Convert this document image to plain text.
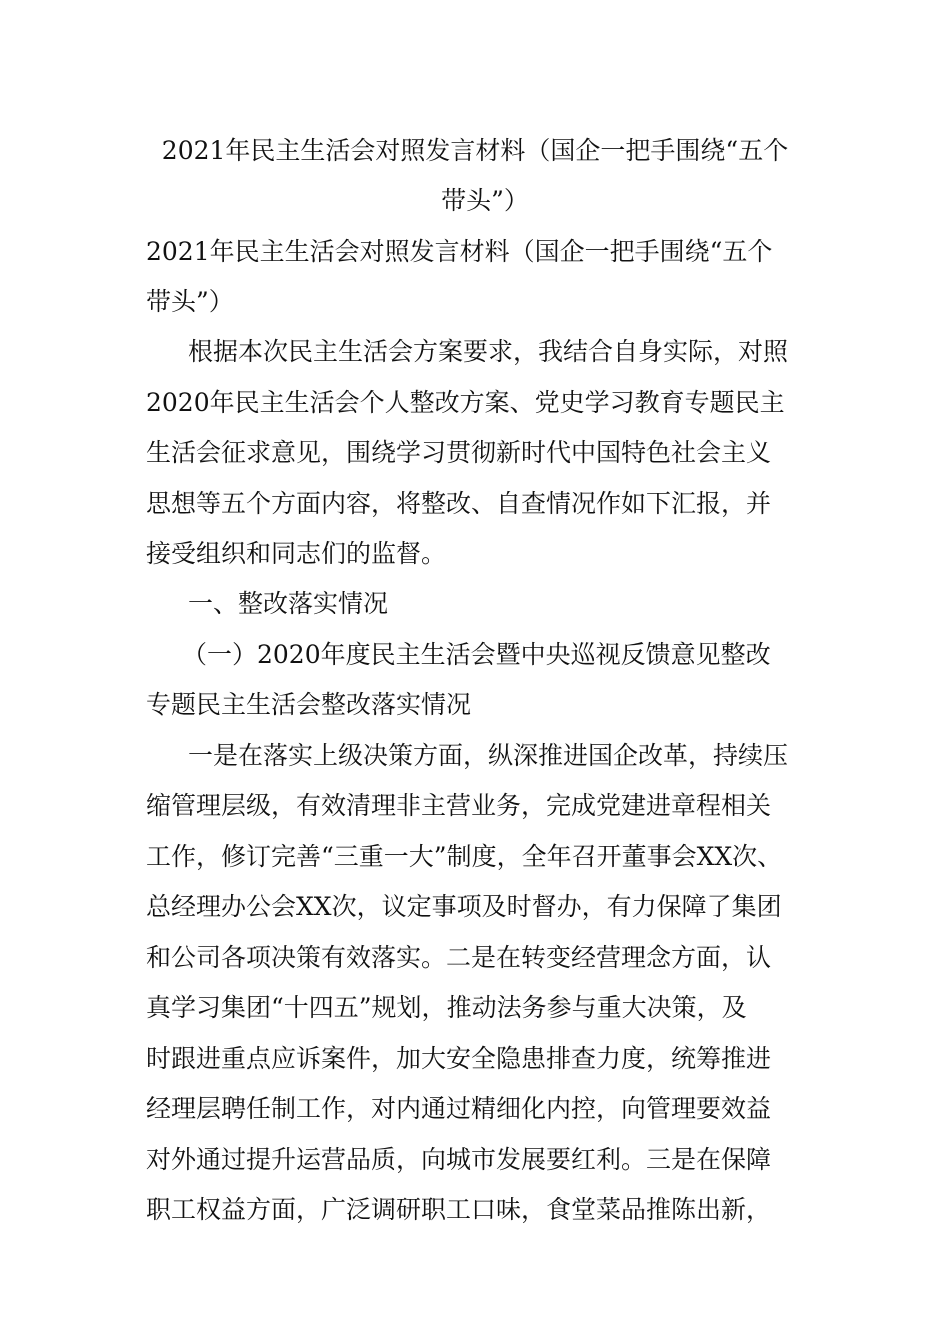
2021年民主生活会对照发言材料（国企一把手围绕“五个
带头”）
2021年民主生活会对照发言材料（国企一把手围绕“五个
带头”）
根据本次民主生活会方案要求，我结合自身实际，对照
2020年民主生活会个人整改方案、党史学习教育专题民主
生活会征求意见，围绕学习贯彻新时代中国特色社会主义
思想等五个方面内容，将整改、自查情况作如下汇报，并
接受组织和同志们的监督。
一、整改落实情况
（一）2020年度民主生活会暨中央巡视反馈意见整改
专题民主生活会整改落实情况
一是在落实上级决策方面，纵深推进国企改革，持续压
缩管理层级，有效清理非主营业务，完成党建进章程相关
工作，修订完善“三重一大”制度，全年召开董事会XX次、
总经理办公会XX次，议定事项及时督办，有力保障了集团
和公司各项决策有效落实。二是在转变经营理念方面，认
真学习集团“十四五”规划，推动法务参与重大决策，及
时跟进重点应诉案件，加大安全隐患排查力度，统筹推进
经理层聘任制工作，对内通过精细化内控，向管理要效益
对外通过提升运营品质，向城市发展要红利。三是在保障
职工权益方面，广泛调研职工口味，食堂菜品推陈出新，
